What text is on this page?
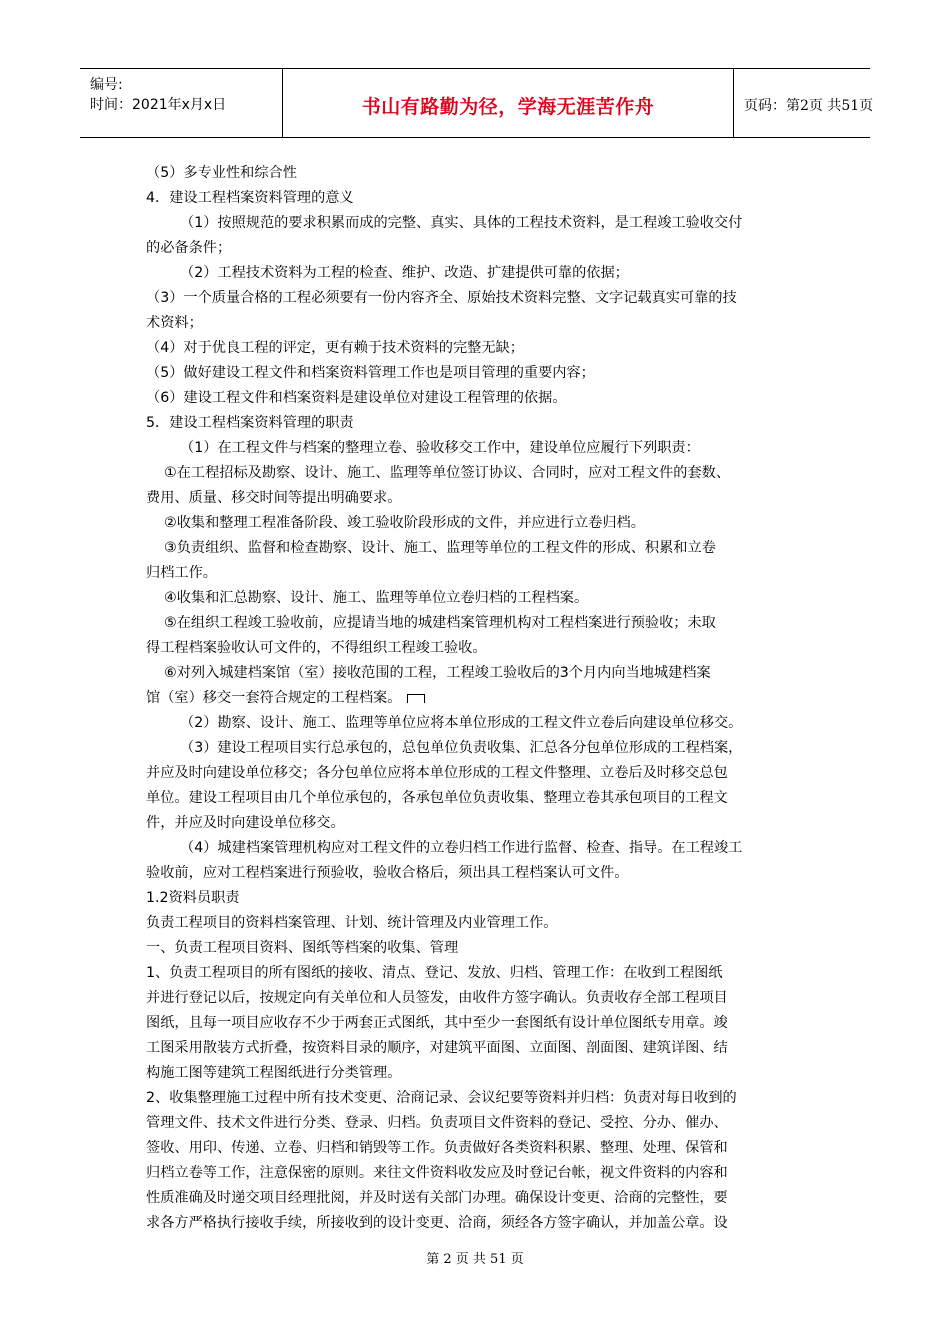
编号:
时间：2021年x月x日	书山有路勤为径，学海无涯苦作舟	页码：第2页 共51页
（5）多专业性和综合性
4．建设工程档案资料管理的意义
（1）按照规范的要求积累而成的完整、真实、具体的工程技术资料，是工程竣工验收交付
的必备条件；
（2）工程技术资料为工程的检查、维护、改造、扩建提供可靠的依据；
（3）一个质量合格的工程必须要有一份内容齐全、原始技术资料完整、文字记载真实可靠的技
术资料；
（4）对于优良工程的评定，更有赖于技术资料的完整无缺；
（5）做好建设工程文件和档案资料管理工作也是项目管理的重要内容；
（6）建设工程文件和档案资料是建设单位对建设工程管理的依据。
5．建设工程档案资料管理的职责
（1）在工程文件与档案的整理立卷、验收移交工作中，建设单位应履行下列职责：
①在工程招标及勘察、设计、施工、监理等单位签订协议、合同时，应对工程文件的套数、
费用、质量、移交时间等提出明确要求。
②收集和整理工程准备阶段、竣工验收阶段形成的文件，并应进行立卷归档。
③负责组织、监督和检查勘察、设计、施工、监理等单位的工程文件的形成、积累和立卷
归档工作。
④收集和汇总勘察、设计、施工、监理等单位立卷归档的工程档案。
⑤在组织工程竣工验收前，应提请当地的城建档案管理机构对工程档案进行预验收；未取
得工程档案验收认可文件的，不得组织工程竣工验收。
⑥对列入城建档案馆（室）接收范围的工程，工程竣工验收后的3个月内向当地城建档案
馆（室）移交一套符合规定的工程档案。
（2）勘察、设计、施工、监理等单位应将本单位形成的工程文件立卷后向建设单位移交。
（3）建设工程项目实行总承包的，总包单位负责收集、汇总各分包单位形成的工程档案，
并应及时向建设单位移交；各分包单位应将本单位形成的工程文件整理、立卷后及时移交总包
单位。建设工程项目由几个单位承包的，各承包单位负责收集、整理立卷其承包项目的工程文
件，并应及时向建设单位移交。
（4）城建档案管理机构应对工程文件的立卷归档工作进行监督、检查、指导。在工程竣工
验收前，应对工程档案进行预验收，验收合格后，须出具工程档案认可文件。
1.2资料员职责
负责工程项目的资料档案管理、计划、统计管理及内业管理工作。
一、负责工程项目资料、图纸等档案的收集、管理
1、负责工程项目的所有图纸的接收、清点、登记、发放、归档、管理工作：在收到工程图纸
并进行登记以后，按规定向有关单位和人员签发，由收件方签字确认。负责收存全部工程项目
图纸，且每一项目应收存不少于两套正式图纸，其中至少一套图纸有设计单位图纸专用章。竣
工图采用散装方式折叠，按资料目录的顺序，对建筑平面图、立面图、剖面图、建筑详图、结
构施工图等建筑工程图纸进行分类管理。
2、收集整理施工过程中所有技术变更、洽商记录、会议纪要等资料并归档：负责对每日收到的
管理文件、技术文件进行分类、登录、归档。负责项目文件资料的登记、受控、分办、催办、
签收、用印、传递、立卷、归档和销毁等工作。负责做好各类资料积累、整理、处理、保管和
归档立卷等工作，注意保密的原则。来往文件资料收发应及时登记台帐，视文件资料的内容和
性质准确及时递交项目经理批阅，并及时送有关部门办理。确保设计变更、洽商的完整性，要
求各方严格执行接收手续，所接收到的设计变更、洽商，须经各方签字确认，并加盖公章。设
第 2 页 共 51 页
